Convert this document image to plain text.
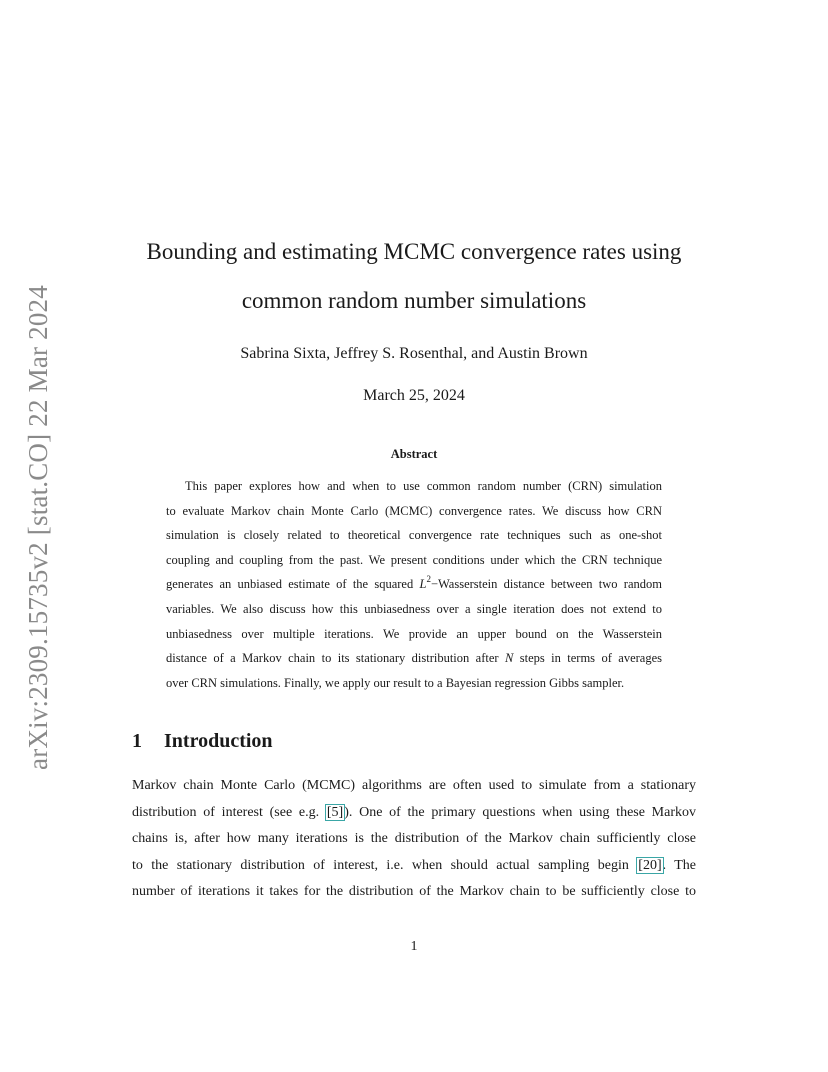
arXiv:2309.15735v2 [stat.CO] 22 Mar 2024
Bounding and estimating MCMC convergence rates using
common random number simulations
Sabrina Sixta, Jeffrey S. Rosenthal, and Austin Brown
March 25, 2024
Abstract
This paper explores how and when to use common random number (CRN) simulation
to evaluate Markov chain Monte Carlo (MCMC) convergence rates. We discuss how CRN
simulation is closely related to theoretical convergence rate techniques such as one-shot
coupling and coupling from the past. We present conditions under which the CRN technique
generates an unbiased estimate of the squared $L^2-Wasserstein$ distance between two random
variables. We also discuss how this unbiasedness over a single iteration does not extend to
unbiasedness over multiple iterations. We provide an upper bound on the Wasserstein
distance of a Markov chain to its stationary distribution after N steps in terms of averages
over CRN simulations. Finally, we apply our result to a Bayesian regression Gibbs sampler.
1 Introduction
Markov chain Monte Carlo (MCMC) algorithms are often used to simulate from a stationary
distribution of interest (see e.g. [5]). One of the primary questions when using these Markov
chains is, after how many iterations is the distribution of the Markov chain sufficiently close
to the stationary distribution of interest, i.e. when should actual sampling begin [20]. The
number of iterations it takes for the distribution of the Markov chain to be sufficiently close to
1
